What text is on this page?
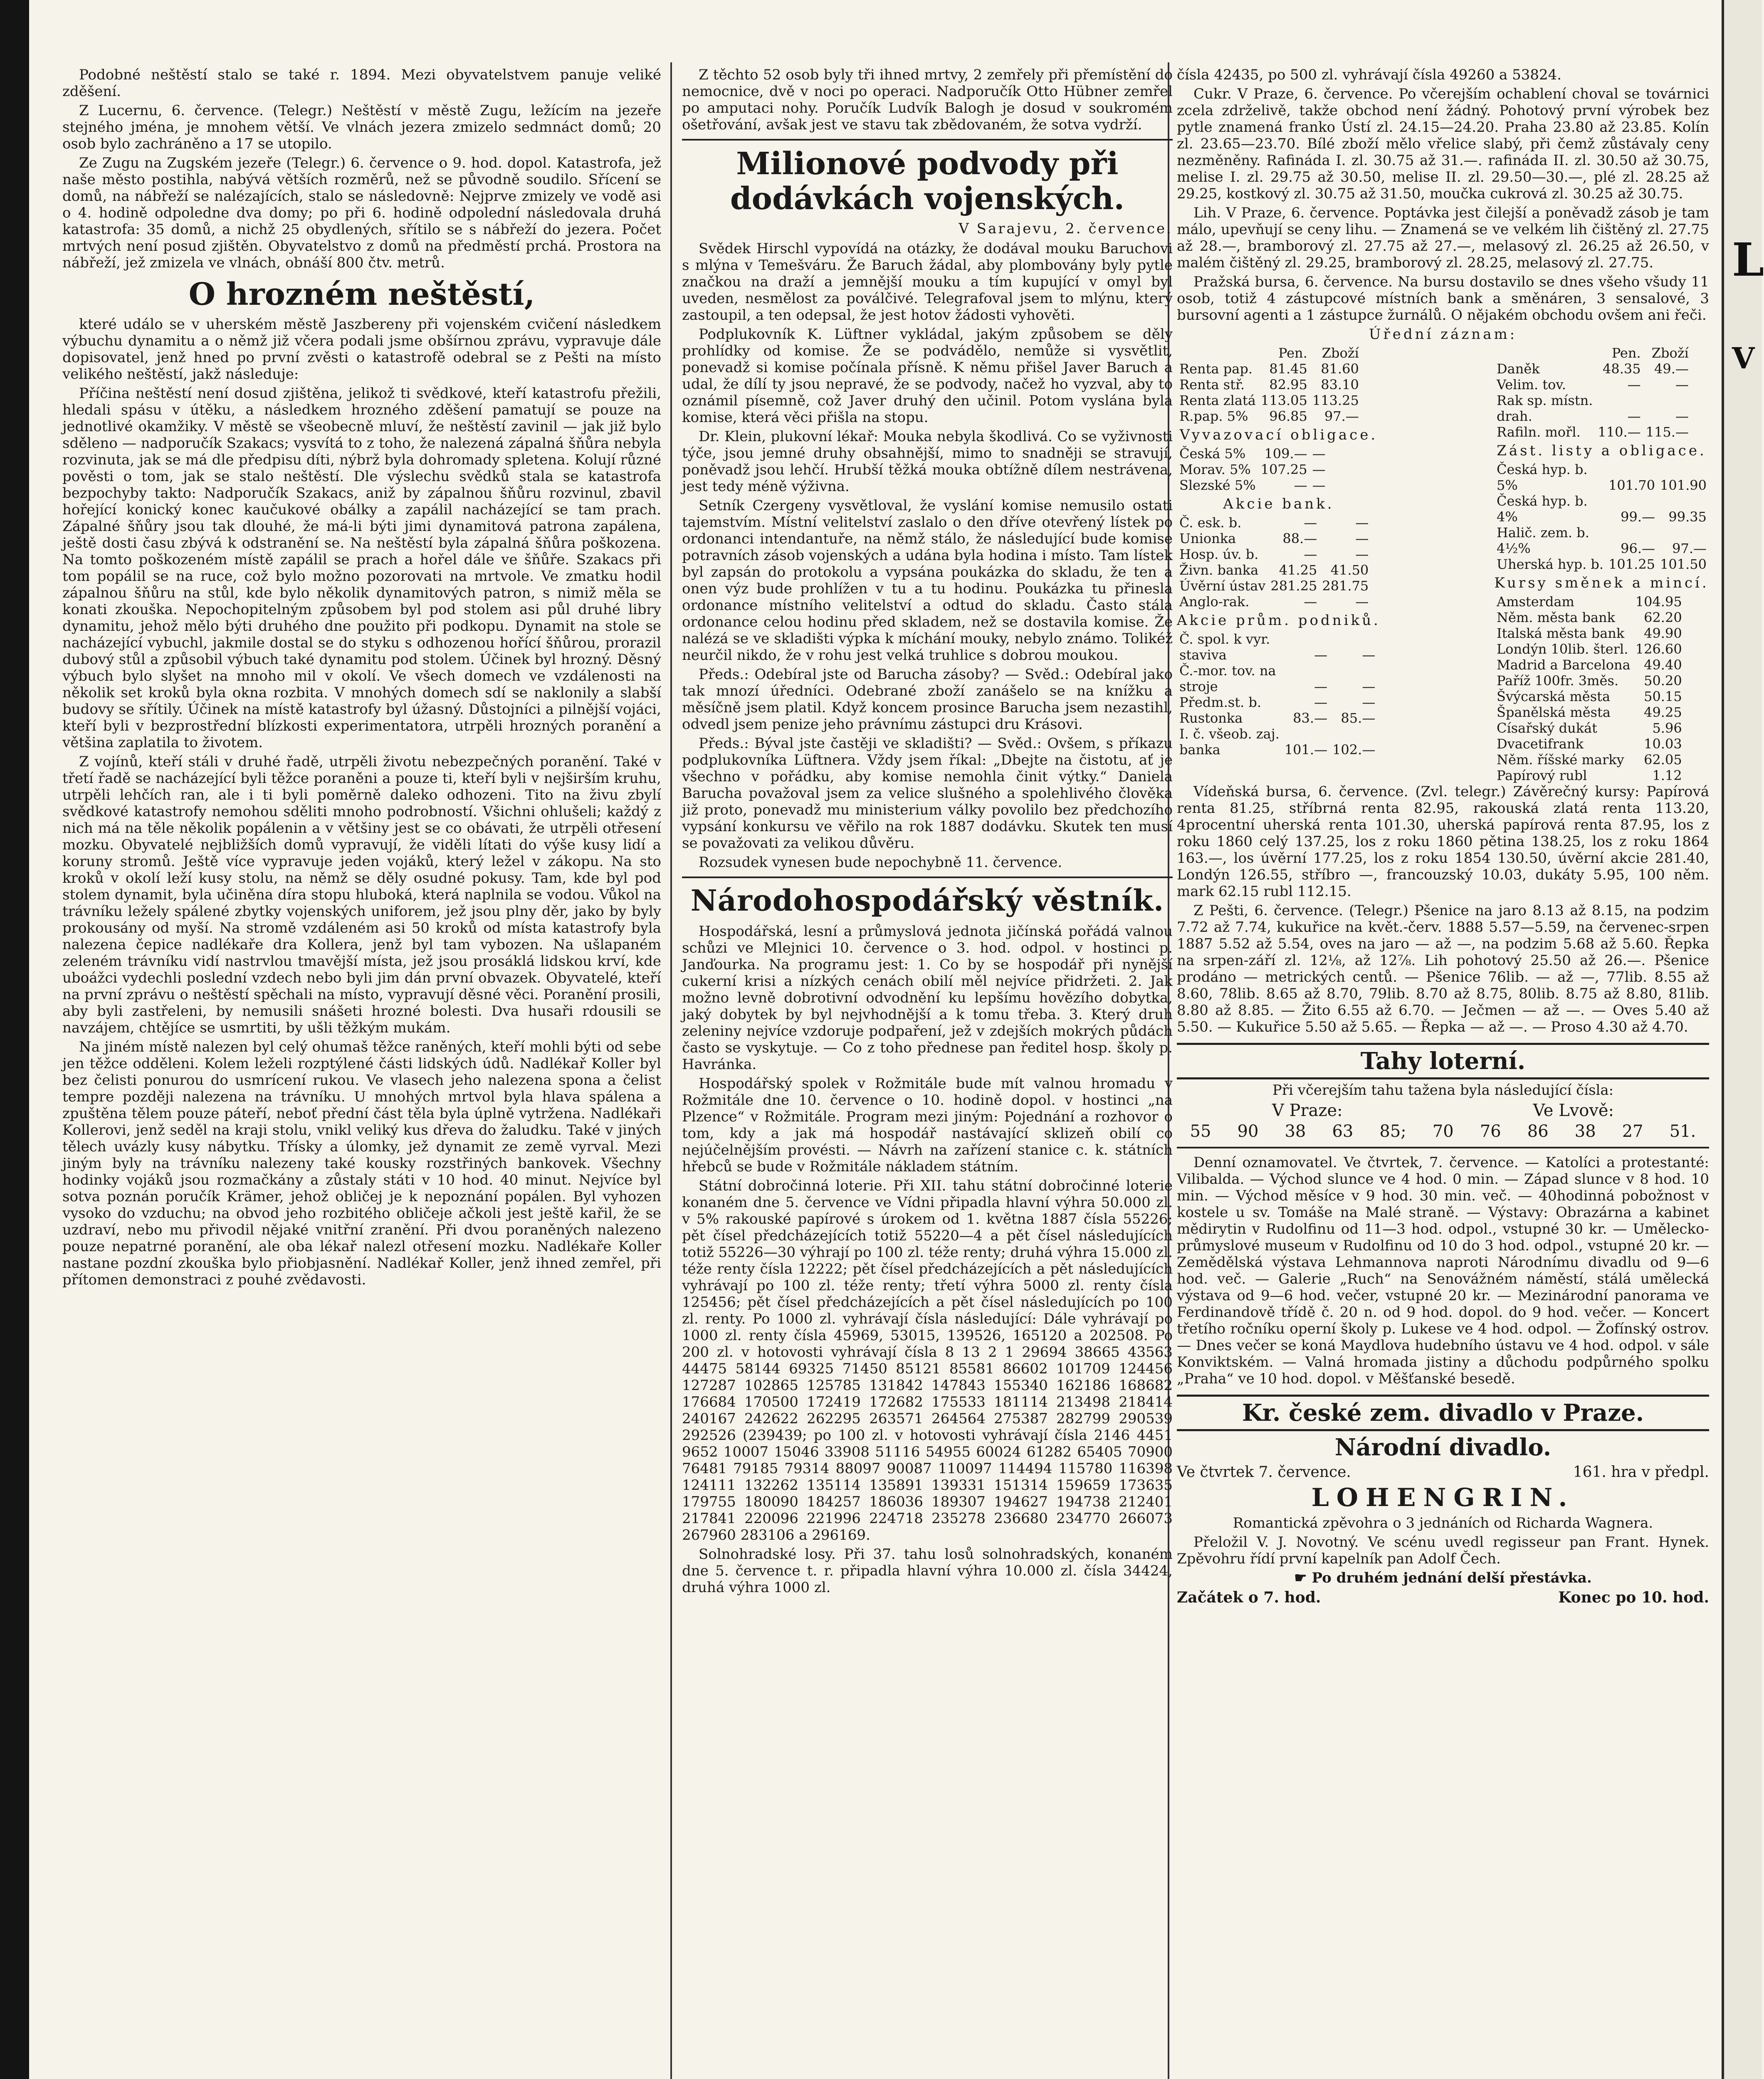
L
V

Podobné neštěstí stalo se také r. 1894. Mezi obyvatelstvem panuje veliké zděšení.

Z Lucernu, 6. července. (Telegr.) Neštěstí v městě Zugu, ležícím na jezeře stejného jména, je mnohem větší. Ve vlnách jezera zmizelo sedmnáct domů; 20 osob bylo zachráněno a 17 se utopilo.

Ze Zugu na Zugském jezeře (Telegr.) 6. července o 9. hod. dopol. Katastrofa, jež naše město postihla, nabývá větších rozměrů, než se původně soudilo. Sřícení se domů, na nábřeží se nalézajících, stalo se následovně: Nejprve zmizely ve vodě asi o 4. hodině odpoledne dva domy; po při 6. hodině odpolední následovala druhá katastrofa: 35 domů, a nichž 25 obydlených, sřítilo se s nábřeží do jezera. Počet mrtvých není posud zjištěn. Obyvatelstvo z domů na předměstí prchá. Prostora na nábřeží, jež zmizela ve vlnách, obnáší 800 čtv. metrů.

O hrozném neštěstí,

které událo se v uherském městě Jaszbereny při vojenském cvičení následkem výbuchu dynamitu a o němž již včera podali jsme obšírnou zprávu, vypravuje dále dopisovatel, jenž hned po první zvěsti o katastrofě odebral se z Pešti na místo velikého neštěstí, jakž následuje:

Příčina neštěstí není dosud zjištěna, jelikož ti svědkové, kteří katastrofu přežili, hledali spásu v útěku, a následkem hrozného zděšení pamatují se pouze na jednotlivé okamžiky. V městě se všeobecně mluví, že neštěstí zavinil — jak již bylo sděleno — nadporučík Szakacs; vysvítá to z toho, že nalezená zápalná šňůra nebyla rozvinuta, jak se má dle předpisu díti, nýbrž byla dohromady spletena. Kolují různé pověsti o tom, jak se stalo neštěstí. Dle výslechu svědků stala se katastrofa bezpochyby takto: Nadporučík Szakacs, aniž by zápalnou šňůru rozvinul, zbavil hořející konický konec kaučukové obálky a zapálil nacházející se tam prach. Zápalné šňůry jsou tak dlouhé, že má-li býti jimi dynamitová patrona zapálena, ještě dosti času zbývá k odstranění se. Na neštěstí byla zápalná šňůra poškozena. Na tomto poškozeném místě zapálil se prach a hořel dále ve šňůře. Szakacs při tom popálil se na ruce, což bylo možno pozorovati na mrtvole. Ve zmatku hodil zápalnou šňůru na stůl, kde bylo několik dynamitových patron, s nimiž měla se konati zkouška. Nepochopitelným způsobem byl pod stolem asi půl druhé libry dynamitu, jehož mělo býti druhého dne použito při podkopu. Dynamit na stole se nacházející vybuchl, jakmile dostal se do styku s odhozenou hořící šňůrou, prorazil dubový stůl a způsobil výbuch také dynamitu pod stolem. Účinek byl hrozný. Děsný výbuch bylo slyšet na mnoho mil v okolí. Ve všech domech ve vzdálenosti na několik set kroků byla okna rozbita. V mnohých domech sdí se naklonily a slabší budovy se sřítily. Účinek na místě katastrofy byl úžasný. Důstojníci a pilnější vojáci, kteří byli v bezprostřední blízkosti experimentatora, utrpěli hrozných poranění a většina zaplatila to životem.

Z vojínů, kteří stáli v druhé řadě, utrpěli životu nebezpečných poranění. Také v třetí řadě se nacházející byli těžce poraněni a pouze ti, kteří byli v nejširším kruhu, utrpěli lehčích ran, ale i ti byli poměrně daleko odhozeni. Tito na živu zbylí svědkové katastrofy nemohou sděliti mnoho podrobností. Všichni ohlušeli; každý z nich má na těle několik popálenin a v většiny jest se co obávati, že utrpěli otřesení mozku. Obyvatelé nejbližších domů vypravují, že viděli lítati do výše kusy lidí a koruny stromů. Ještě více vypravuje jeden vojáků, který ležel v zákopu. Na sto kroků v okolí leží kusy stolu, na němž se děly osudné pokusy. Tam, kde byl pod stolem dynamit, byla učiněna díra stopu hluboká, která naplnila se vodou. Vůkol na trávníku ležely spálené zbytky vojenských uniforem, jež jsou plny děr, jako by byly prokousány od myší. Na stromě vzdáleném asi 50 kroků od místa katastrofy byla nalezena čepice nadlékaře dra Kollera, jenž byl tam vybozen. Na ušlapaném zeleném trávníku vidí nastrvlou tmavější místa, jež jsou prosáklá lidskou krví, kde uboážci vydechli poslední vzdech nebo byli jim dán první obvazek. Obyvatelé, kteří na první zprávu o neštěstí spěchali na místo, vypravují děsné věci. Poranění prosili, aby byli zastřeleni, by nemusili snášeti hrozné bolesti. Dva husaři rdousili se navzájem, chtějíce se usmrtiti, by ušli těžkým mukám.

Na jiném místě nalezen byl celý ohumaš těžce raněných, kteří mohli býti od sebe jen těžce odděleni. Kolem leželi rozptýlené části lidských údů. Nadlékař Koller byl bez čelisti ponurou do usmrícení rukou. Ve vlasech jeho nalezena spona a čelist tempre později nalezena na trávníku. U mnohých mrtvol byla hlava spálena a zpuštěna tělem pouze páteří, neboť přední část těla byla úplně vytržena. Nadlékaři Kollerovi, jenž seděl na kraji stolu, vnikl veliký kus dřeva do žaludku. Také v jiných tělech uvázly kusy nábytku. Třísky a úlomky, jež dynamit ze země vyrval. Mezi jiným byly na trávníku nalezeny také kousky rozstřiných bankovek. Všechny hodinky vojáků jsou rozmačkány a zůstaly státi v 10 hod. 40 minut. Nejvíce byl sotva poznán poručík Krämer, jehož obličej je k nepoznání popálen. Byl vyhozen vysoko do vzduchu; na obvod jeho rozbitého obličeje ačkoli jest ještě kařil, že se uzdraví, nebo mu přivodil nějaké vnitřní zranění. Při dvou poraněných nalezeno pouze nepatrné poranění, ale oba lékař nalezl otřesení mozku. Nadlékaře Koller nastane pozdní zkouška bylo přiobjasnění. Nadlékař Koller, jenž ihned zemřel, při přítomen demonstraci z pouhé zvědavosti.

Z těchto 52 osob byly tři ihned mrtvy, 2 zemřely při přemístění do nemocnice, dvě v noci po operaci. Nadporučík Otto Hübner zemřel po amputaci nohy. Poručík Ludvík Balogh je dosud v soukromém ošetřování, avšak jest ve stavu tak zbědovaném, že sotva vydrží.

Milionové podvody při dodávkách vojenských.
V Sarajevu, 2. července.

Svědek Hirschl vypovídá na otázky, že dodával mouku Baruchovi s mlýna v Temešváru. Že Baruch žádal, aby plombovány byly pytle značkou na draží a jemnější mouku a tím kupující v omyl byl uveden, nesmělost za poválčivé. Telegrafoval jsem to mlýnu, který zastoupil, a ten odepsal, že jest hotov žádosti vyhověti.

Podplukovník K. Lüftner vykládal, jakým způsobem se děly prohlídky od komise. Že se podvádělo, nemůže si vysvětlit, ponevadž si komise počínala přísně. K němu přišel Javer Baruch a udal, že dílí ty jsou nepravé, že se podvody, načež ho vyzval, aby to oznámil písemně, což Javer druhý den učinil. Potom vyslána byla komise, která věci přišla na stopu.

Dr. Klein, plukovní lékař: Mouka nebyla škodlivá. Co se vyživnosti týče, jsou jemné druhy obsahnější, mimo to snadněji se stravují, poněvadž jsou lehčí. Hrubší těžká mouka obtížně dílem nestrávena, jest tedy méně výživna.

Setník Czergeny vysvětloval, že vyslání komise nemusilo ostati tajemstvím. Místní velitelství zaslalo o den dříve otevřený lístek po ordonanci intendantuře, na němž stálo, že následující bude komise potravních zásob vojenských a udána byla hodina i místo. Tam lístek byl zapsán do protokolu a vypsána poukázka do skladu, že ten a onen výz bude prohlížen v tu a tu hodinu. Poukázka tu přinesla ordonance místního velitelství a odtud do skladu. Často stála ordonance celou hodinu před skladem, než se dostavila komise. Že nalézá se ve skladišti výpka k míchání mouky, nebylo známo. Tolikéž neurčil nikdo, že v rohu jest velká truhlice s dobrou moukou.

Předs.: Odebíral jste od Barucha zásoby? — Svěd.: Odebíral jako tak mnozí úředníci. Odebrané zboží zanášelo se na knížku a měsíčně jsem platil. Když koncem prosince Barucha jsem nezastihl, odvedl jsem penize jeho právnímu zástupci dru Krásovi.

Předs.: Býval jste častěji ve skladišti? — Svěd.: Ovšem, s příkazu podplukovníka Lüftnera. Vždy jsem říkal: „Dbejte na čistotu, ať je všechno v pořádku, aby komise nemohla činit výtky.“ Daniela Barucha považoval jsem za velice slušného a spolehlivého člověka již proto, ponevadž mu ministerium války povolilo bez předchozího vypsání konkursu ve věřilo na rok 1887 dodávku. Skutek ten musí se považovati za velikou důvěru.

Rozsudek vynesen bude nepochybně 11. července.

Národohospodářský věstník.

Hospodářská, lesní a průmyslová jednota jičínská pořádá valnou schůzi ve Mlejnici 10. července o 3. hod. odpol. v hostinci p. Janďourka. Na programu jest: 1. Co by se hospodář při nynější cukerní krisi a nízkých cenách obilí měl nejvíce přidržeti. 2. Jak možno levně dobrotivní odvodnění ku lepšímu hovězího dobytka, jaký dobytek by byl nejvhodnější a k tomu třeba. 3. Který druh zeleniny nejvíce vzdoruje podpaření, jež v zdejších mokrých půdách často se vyskytuje. — Co z toho přednese pan ředitel hosp. školy p. Havránka.

Hospodářský spolek v Rožmitále bude mít valnou hromadu v Rožmitále dne 10. července o 10. hodině dopol. v hostinci „na Plzence“ v Rožmitále. Program mezi jiným: Pojednání a rozhovor o tom, kdy a jak má hospodář nastávající sklizeň obilí co nejúčelnějším provésti. — Návrh na zařízení stanice c. k. státních hřebců se bude v Rožmitále nákladem státním.

Státní dobročinná loterie. Při XII. tahu státní dobročinné loterie konaném dne 5. července ve Vídni připadla hlavní výhra 50.000 zl. v 5% rakouské papírové s úrokem od 1. května 1887 čísla 55226; pět čísel předcházejících totiž 55220—4 a pět čísel následujících totiž 55226—30 výhrají po 100 zl. téže renty; druhá výhra 15.000 zl. téže renty čísla 12222; pět čísel předcházejících a pět následujících vyhrávají po 100 zl. téže renty; třetí výhra 5000 zl. renty čísla 125456; pět čísel předcházejících a pět čísel následujících po 100 zl. renty. Po 1000 zl. vyhrávají čísla následující: Dále vyhrávají po 1000 zl. renty čísla 45969, 53015, 139526, 165120 a 202508. Po 200 zl. v hotovosti vyhrávají čísla 8 13 2 1 29694 38665 43563 44475 58144 69325 71450 85121 85581 86602 101709 124456 127287 102865 125785 131842 147843 155340 162186 168682 176684 170500 172419 172682 175533 181114 213498 218414 240167 242622 262295 263571 264564 275387 282799 290539 292526 (239439; po 100 zl. v hotovosti vyhrávají čísla 2146 4451 9652 10007 15046 33908 51116 54955 60024 61282 65405 70900 76481 79185 79314 88097 90087 110097 114494 115780 116398 124111 132262 135114 135891 139331 151314 159659 173635 179755 180090 184257 186036 189307 194627 194738 212401 217841 220096 221996 224718 235278 236680 234770 266073 267960 283106 a 296169.

Solnohradské losy. Při 37. tahu losů solnohradských, konaném dne 5. července t. r. připadla hlavní výhra 10.000 zl. čísla 34424, druhá výhra 1000 zl.

čísla 42435, po 500 zl. vyhrávají čísla 49260 a 53824.

Cukr. V Praze, 6. července. Po včerejším ochablení choval se továrnici zcela zdrželivě, takže obchod není žádný. Pohotový první výrobek bez pytle znamená franko Ústí zl. 24.15—24.20. Praha 23.80 až 23.85. Kolín zl. 23.65—23.70. Bílé zboží mělo vřelice slabý, při čemž zůstávaly ceny nezměněny. Rafináda I. zl. 30.75 až 31.—. rafináda II. zl. 30.50 až 30.75, melise I. zl. 29.75 až 30.50, melise II. zl. 29.50—30.—, plé zl. 28.25 až 29.25, kostkový zl. 30.75 až 31.50, moučka cukrová zl. 30.25 až 30.75.

Lih. V Praze, 6. července. Poptávka jest čilejší a poněvadž zásob je tam málo, upevňují se ceny lihu. — Znamená se ve velkém lih čištěný zl. 27.75 až 28.—, bramborový zl. 27.75 až 27.—, melasový zl. 26.25 až 26.50, v malém čištěný zl. 29.25, bramborový zl. 28.25, melasový zl. 27.75.

Pražská bursa, 6. července. Na bursu dostavilo se dnes všeho všudy 11 osob, totiž 4 zástupcové místních bank a směnáren, 3 sensalové, 3 bursovní agenti a 1 zástupce žurnálů. O nějakém obchodu ovšem ani řeči.

Úřední záznam:
	Pen.	Zboží
Renta pap.	81.45	81.60
Renta stř.	82.95	83.10
Renta zlatá	113.05	113.25
R.pap. 5%	96.85	97.—
Vyvazovací obligace.
Česká 5%	109.—	—
Morav. 5%	107.25	—
Slezské 5%	—	—
Akcie bank.
Č. esk. b.	—	—
Unionka	88.—	—
Hosp. úv. b.	—	—
Živn. banka	41.25	41.50
Úvěrní ústav	281.25	281.75
Anglo-rak.	—	—
Akcie prům. podniků.
Č. spol. k vyr.		
staviva	—	—
Č.-mor. tov. na		
stroje	—	—
Předm.st. b.	—	—
Rustonka	83.—	85.—
I. č. všeob. zaj.		
banka	101.—	102.—
	Pen.	Zboží
Daněk	48.35	49.—
Velim. tov.	—	—
Rak sp. místn.		
drah.	—	—
Rafiln. mořl.	110.—	115.—
Zást. listy a obligace.
Česká hyp. b.		
5%	101.70	101.90
Česká hyp. b.		
4%	99.—	99.35
Halič. zem. b.		
4½%	96.—	97.—
Uherská hyp. b.	101.25	101.50
Kursy směnek a mincí.
Amsterdam	104.95
Něm. města bank	62.20
Italská města bank	49.90
Londýn 10lib. šterl.	126.60
Madrid a Barcelona	49.40
Paříž 100fr. 3měs.	50.20
Švýcarská města	50.15
Španělská města	49.25
Císařský dukát	5.96
Dvacetifrank	10.03
Něm. říšské marky	62.05
Papírový rubl	1.12

Vídeňská bursa, 6. července. (Zvl. telegr.) Závěrečný kursy: Papírová renta 81.25, stříbrná renta 82.95, rakouská zlatá renta 113.20, 4procentní uherská renta 101.30, uherská papírová renta 87.95, los z roku 1860 celý 137.25, los z roku 1860 pětina 138.25, los z roku 1864 163.—, los úvěrní 177.25, los z roku 1854 130.50, úvěrní akcie 281.40, Londýn 126.55, stříbro —, francouzský 10.03, dukáty 5.95, 100 něm. mark 62.15 rubl 112.15.

Z Pešti, 6. července. (Telegr.) Pšenice na jaro 8.13 až 8.15, na podzim 7.72 až 7.74, kukuřice na květ.-červ. 1888 5.57—5.59, na červenec-srpen 1887 5.52 až 5.54, oves na jaro — až —, na podzim 5.68 až 5.60. Řepka na srpen-září zl. 12⅛, až 12⅞. Lih pohotový 25.50 až 26.—. Pšenice prodáno — metrických centů. — Pšenice 76lib. — až —, 77lib. 8.55 až 8.60, 78lib. 8.65 až 8.70, 79lib. 8.70 až 8.75, 80lib. 8.75 až 8.80, 81lib. 8.80 až 8.85. — Žito 6.55 až 6.70. — Ječmen — až —. — Oves 5.40 až 5.50. — Kukuřice 5.50 až 5.65. — Řepka — až —. — Proso 4.30 až 4.70.

Tahy loterní.

Při včerejším tahu tažena byla následující čísla:

V Praze:	Ve Lvově:
55 90 38 63 85; 70 76 86 38 27 51.

Denní oznamovatel. Ve čtvrtek, 7. července. — Katolíci a protestanté: Vilibalda. — Východ slunce ve 4 hod. 0 min. — Západ slunce v 8 hod. 10 min. — Východ měsíce v 9 hod. 30 min. več. — 40hodinná pobožnost v kostele u sv. Tomáše na Malé straně. — Výstavy: Obrazárna a kabinet mědirytin v Rudolfinu od 11—3 hod. odpol., vstupné 30 kr. — Umělecko-průmyslové museum v Rudolfinu od 10 do 3 hod. odpol., vstupné 20 kr. — Zemědělská výstava Lehmannova naproti Národnímu divadlu od 9—6 hod. več. — Galerie „Ruch“ na Senovážném náměstí, stálá umělecká výstava od 9—6 hod. večer, vstupné 20 kr. — Mezinárodní panorama ve Ferdinandově třídě č. 20 n. od 9 hod. dopol. do 9 hod. večer. — Koncert třetího ročníku operní školy p. Lukese ve 4 hod. odpol. — Žofínský ostrov. — Dnes večer se koná Maydlova hudebního ústavu ve 4 hod. odpol. v sále Konviktském. — Valná hromada jistiny a důchodu podpůrného spolku „Praha“ ve 10 hod. dopol. v Měšťanské besedě.

Kr. české zem. divadlo v Praze.
Národní divadlo.
Ve čtvrtek 7. července.	161. hra v předpl.
LOHENGRIN.

Romantická zpěvohra o 3 jednáních od Richarda Wagnera.

Přeložil V. J. Novotný. Ve scénu uvedl regisseur pan Frant. Hynek. Zpěvohru řídí první kapelník pan Adolf Čech.

☛ Po druhém jednání delší přestávka.

Začátek o 7. hod.	Konec po 10. hod.
